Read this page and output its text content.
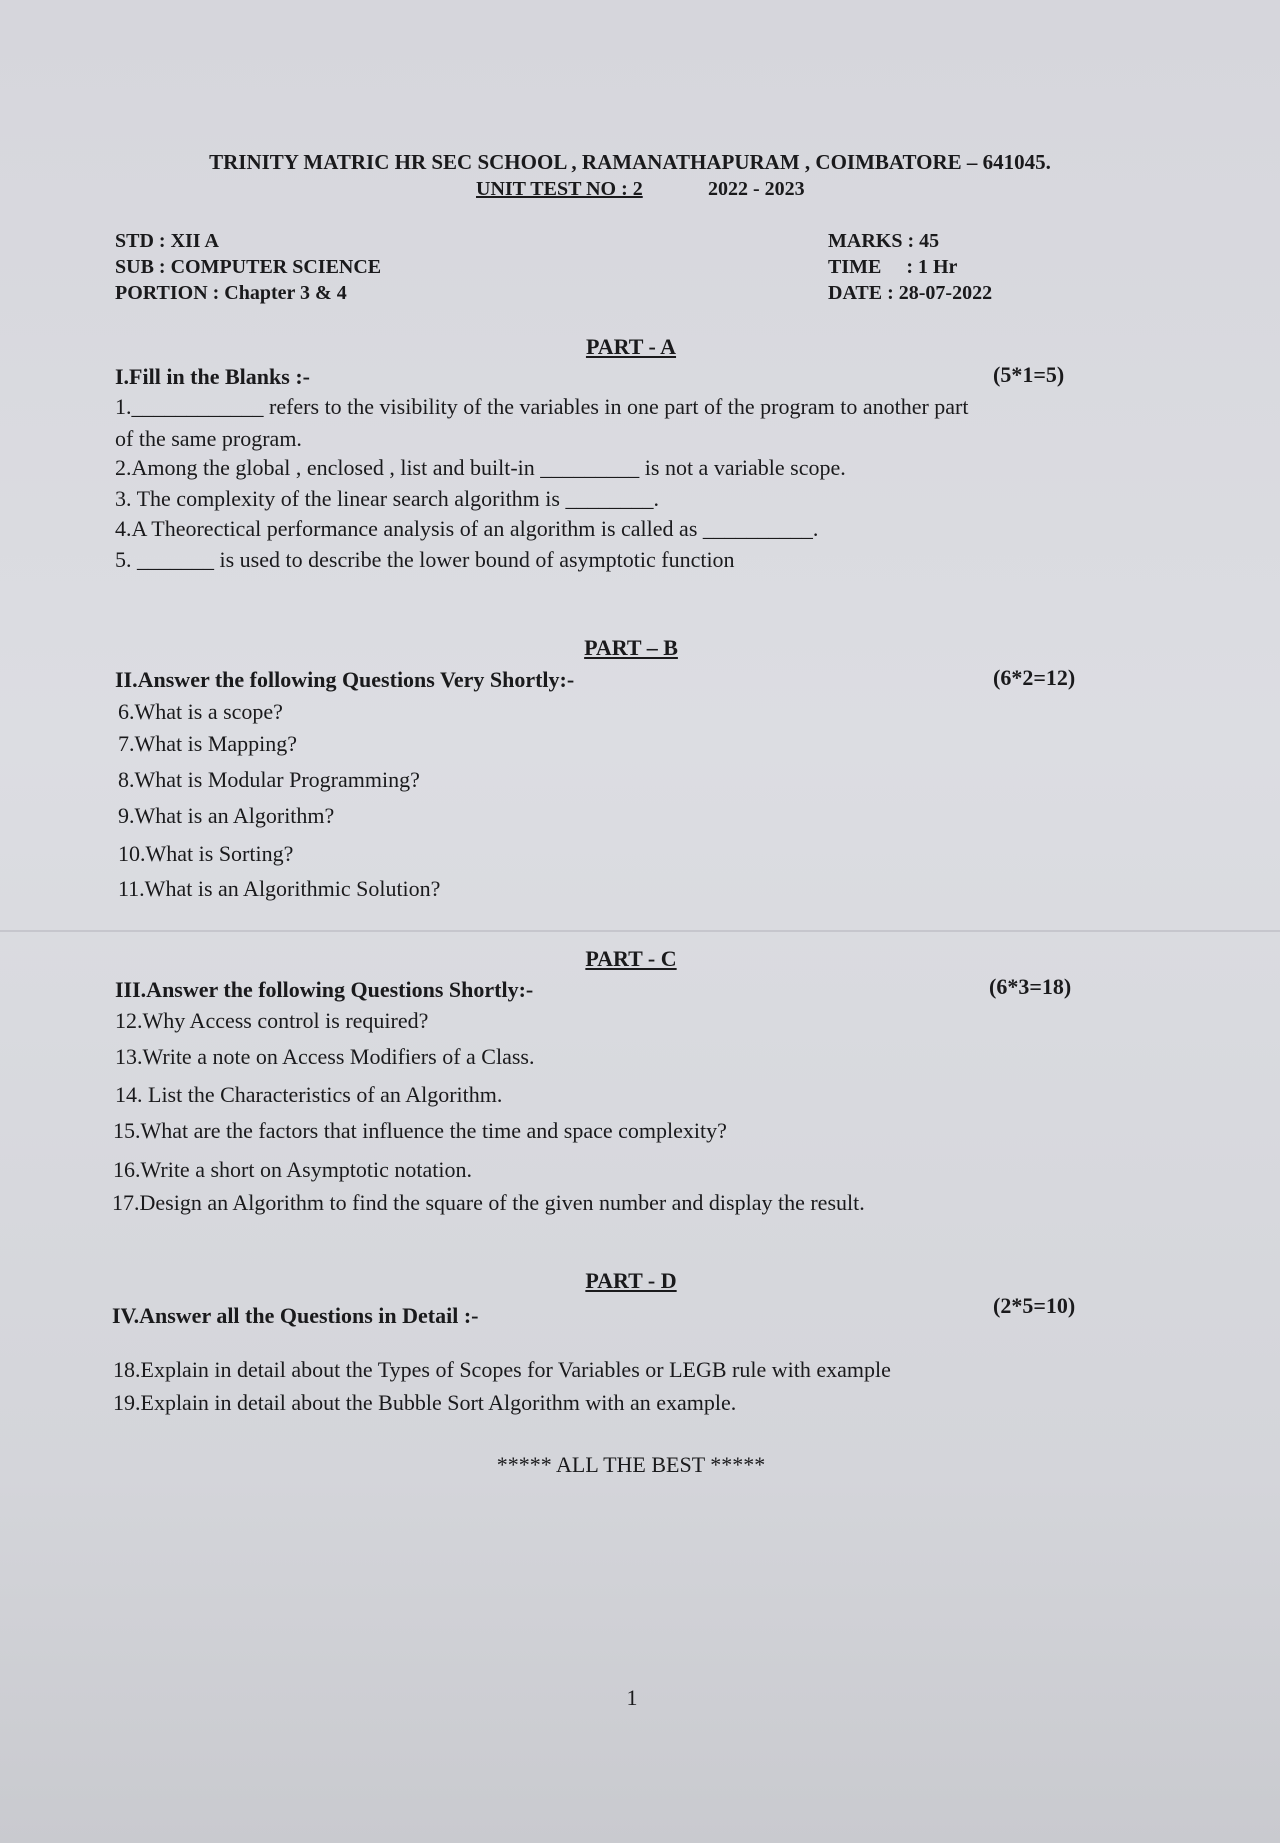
TRINITY MATRIC HR SEC SCHOOL , RAMANATHAPURAM , COIMBATORE – 641045.
UNIT TEST NO : 2	2022 - 2023
STD : XII A
SUB : COMPUTER SCIENCE
PORTION : Chapter 3 & 4
MARKS : 45
TIME     : 1 Hr
DATE : 28-07-2022
PART - A
I.Fill in the Blanks :-	(5*1=5)
1.____________ refers to the visibility of the variables in one part of the program to another part
of the same program.
2.Among the global , enclosed , list and built-in _________ is not a variable scope.
3. The complexity of the linear search algorithm is ________.
4.A Theorectical performance analysis of an algorithm is called as __________.
5. _______ is used to describe the lower bound of asymptotic function
PART – B
II.Answer the following Questions Very Shortly:-	(6*2=12)
6.What is a scope?
7.What is Mapping?
8.What is Modular Programming?
9.What is an Algorithm?
10.What is Sorting?
11.What is an Algorithmic Solution?
PART - C
III.Answer the following Questions Shortly:-	(6*3=18)
12.Why Access control is required?
13.Write a note on Access Modifiers of a Class.
14. List the Characteristics of an Algorithm.
15.What are the factors that influence the time and space complexity?
16.Write a short on Asymptotic notation.
17.Design an Algorithm to find the square of the given number and display the result.
PART - D
IV.Answer all the Questions in Detail :-	(2*5=10)
18.Explain in detail about the Types of Scopes for Variables or LEGB rule with example
19.Explain in detail about the Bubble Sort Algorithm with an example.
***** ALL THE BEST *****
1
